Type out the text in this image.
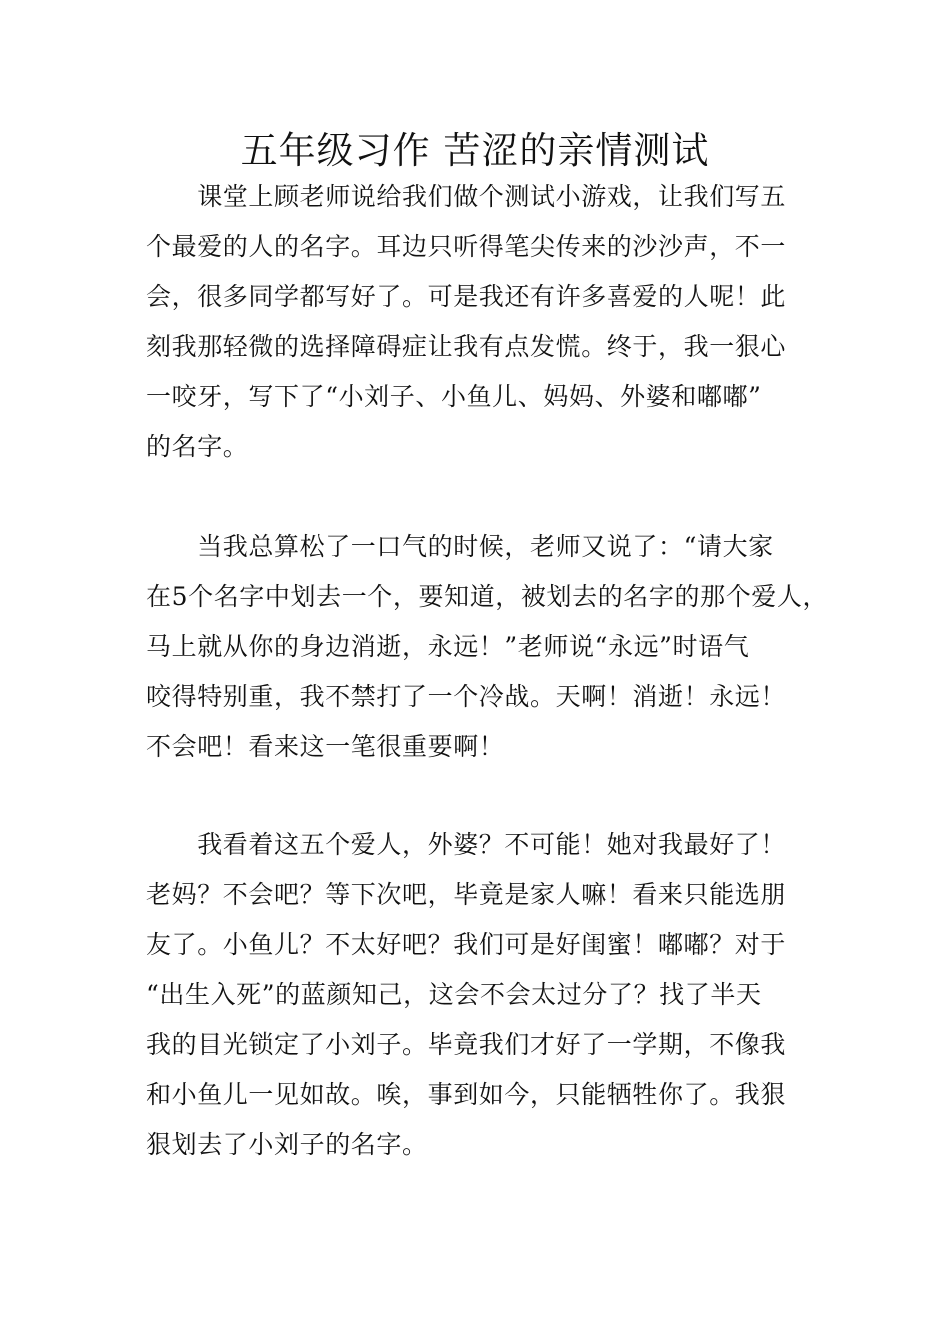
五年级习作 苦涩的亲情测试
　　课堂上顾老师说给我们做个测试小游戏，让我们写五
个最爱的人的名字。耳边只听得笔尖传来的沙沙声，不一
会，很多同学都写好了。可是我还有许多喜爱的人呢！此
刻我那轻微的选择障碍症让我有点发慌。终于，我一狠心
一咬牙，写下了“小刘子、小鱼儿、妈妈、外婆和嘟嘟”
的名字。
　　当我总算松了一口气的时候，老师又说了：“请大家
在5个名字中划去一个，要知道，被划去的名字的那个爱人，
马上就从你的身边消逝，永远！”老师说“永远”时语气
咬得特别重，我不禁打了一个冷战。天啊！消逝！永远！
不会吧！看来这一笔很重要啊！
　　我看着这五个爱人，外婆？不可能！她对我最好了！
老妈？不会吧？等下次吧，毕竟是家人嘛！看来只能选朋
友了。小鱼儿？不太好吧？我们可是好闺蜜！嘟嘟？对于
“出生入死”的蓝颜知己，这会不会太过分了？找了半天
我的目光锁定了小刘子。毕竟我们才好了一学期，不像我
和小鱼儿一见如故。唉，事到如今，只能牺牲你了。我狠
狠划去了小刘子的名字。
